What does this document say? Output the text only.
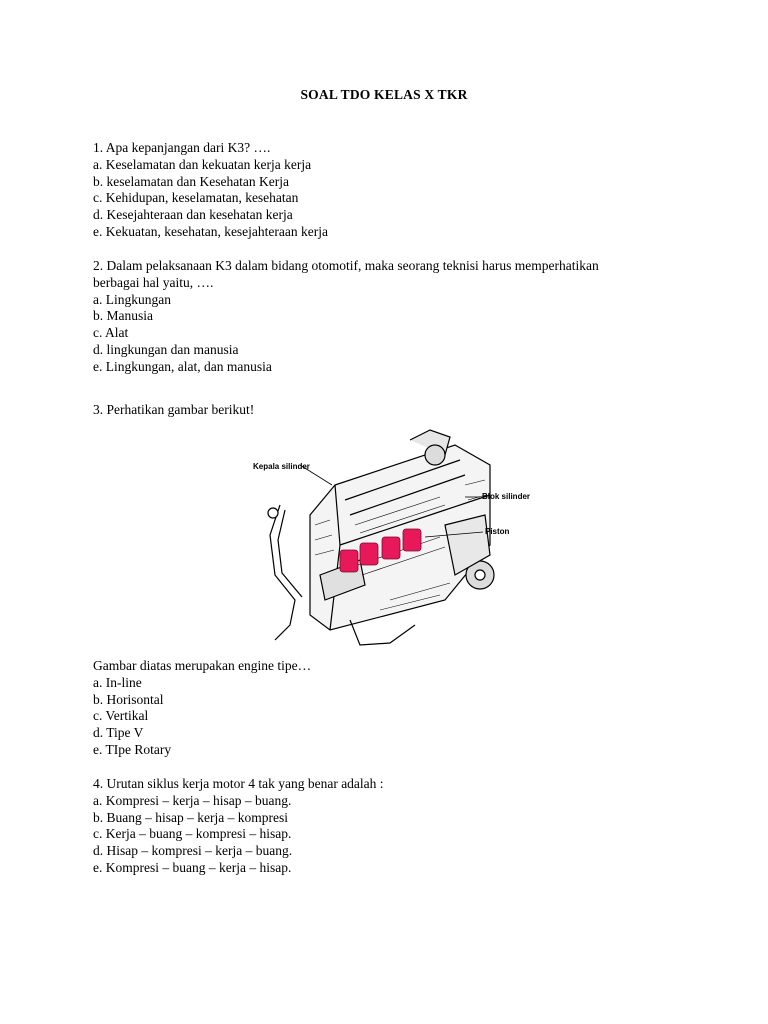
SOAL TDO KELAS X TKR
1. Apa kepanjangan dari K3? ….
a. Keselamatan dan kekuatan kerja kerja
b. keselamatan dan Kesehatan Kerja
c. Kehidupan, keselamatan, kesehatan
d. Kesejahteraan dan kesehatan kerja
e. Kekuatan, kesehatan, kesejahteraan kerja
2. Dalam pelaksanaan K3 dalam bidang otomotif, maka seorang teknisi harus memperhatikan
berbagai hal yaitu, ….
a. Lingkungan
b. Manusia
c. Alat
d. lingkungan dan manusia
e. Lingkungan, alat, dan manusia
3. Perhatikan gambar berikut!
Kepala silinder
Blok silinder
Piston
Gambar diatas merupakan engine tipe…
a. In-line
b. Horisontal
c. Vertikal
d. Tipe V
e. TIpe Rotary
4. Urutan siklus kerja motor 4 tak yang benar adalah :
a. Kompresi – kerja – hisap – buang.
b. Buang – hisap – kerja – kompresi
c. Kerja – buang – kompresi – hisap.
d. Hisap – kompresi – kerja – buang.
e. Kompresi – buang – kerja – hisap.
